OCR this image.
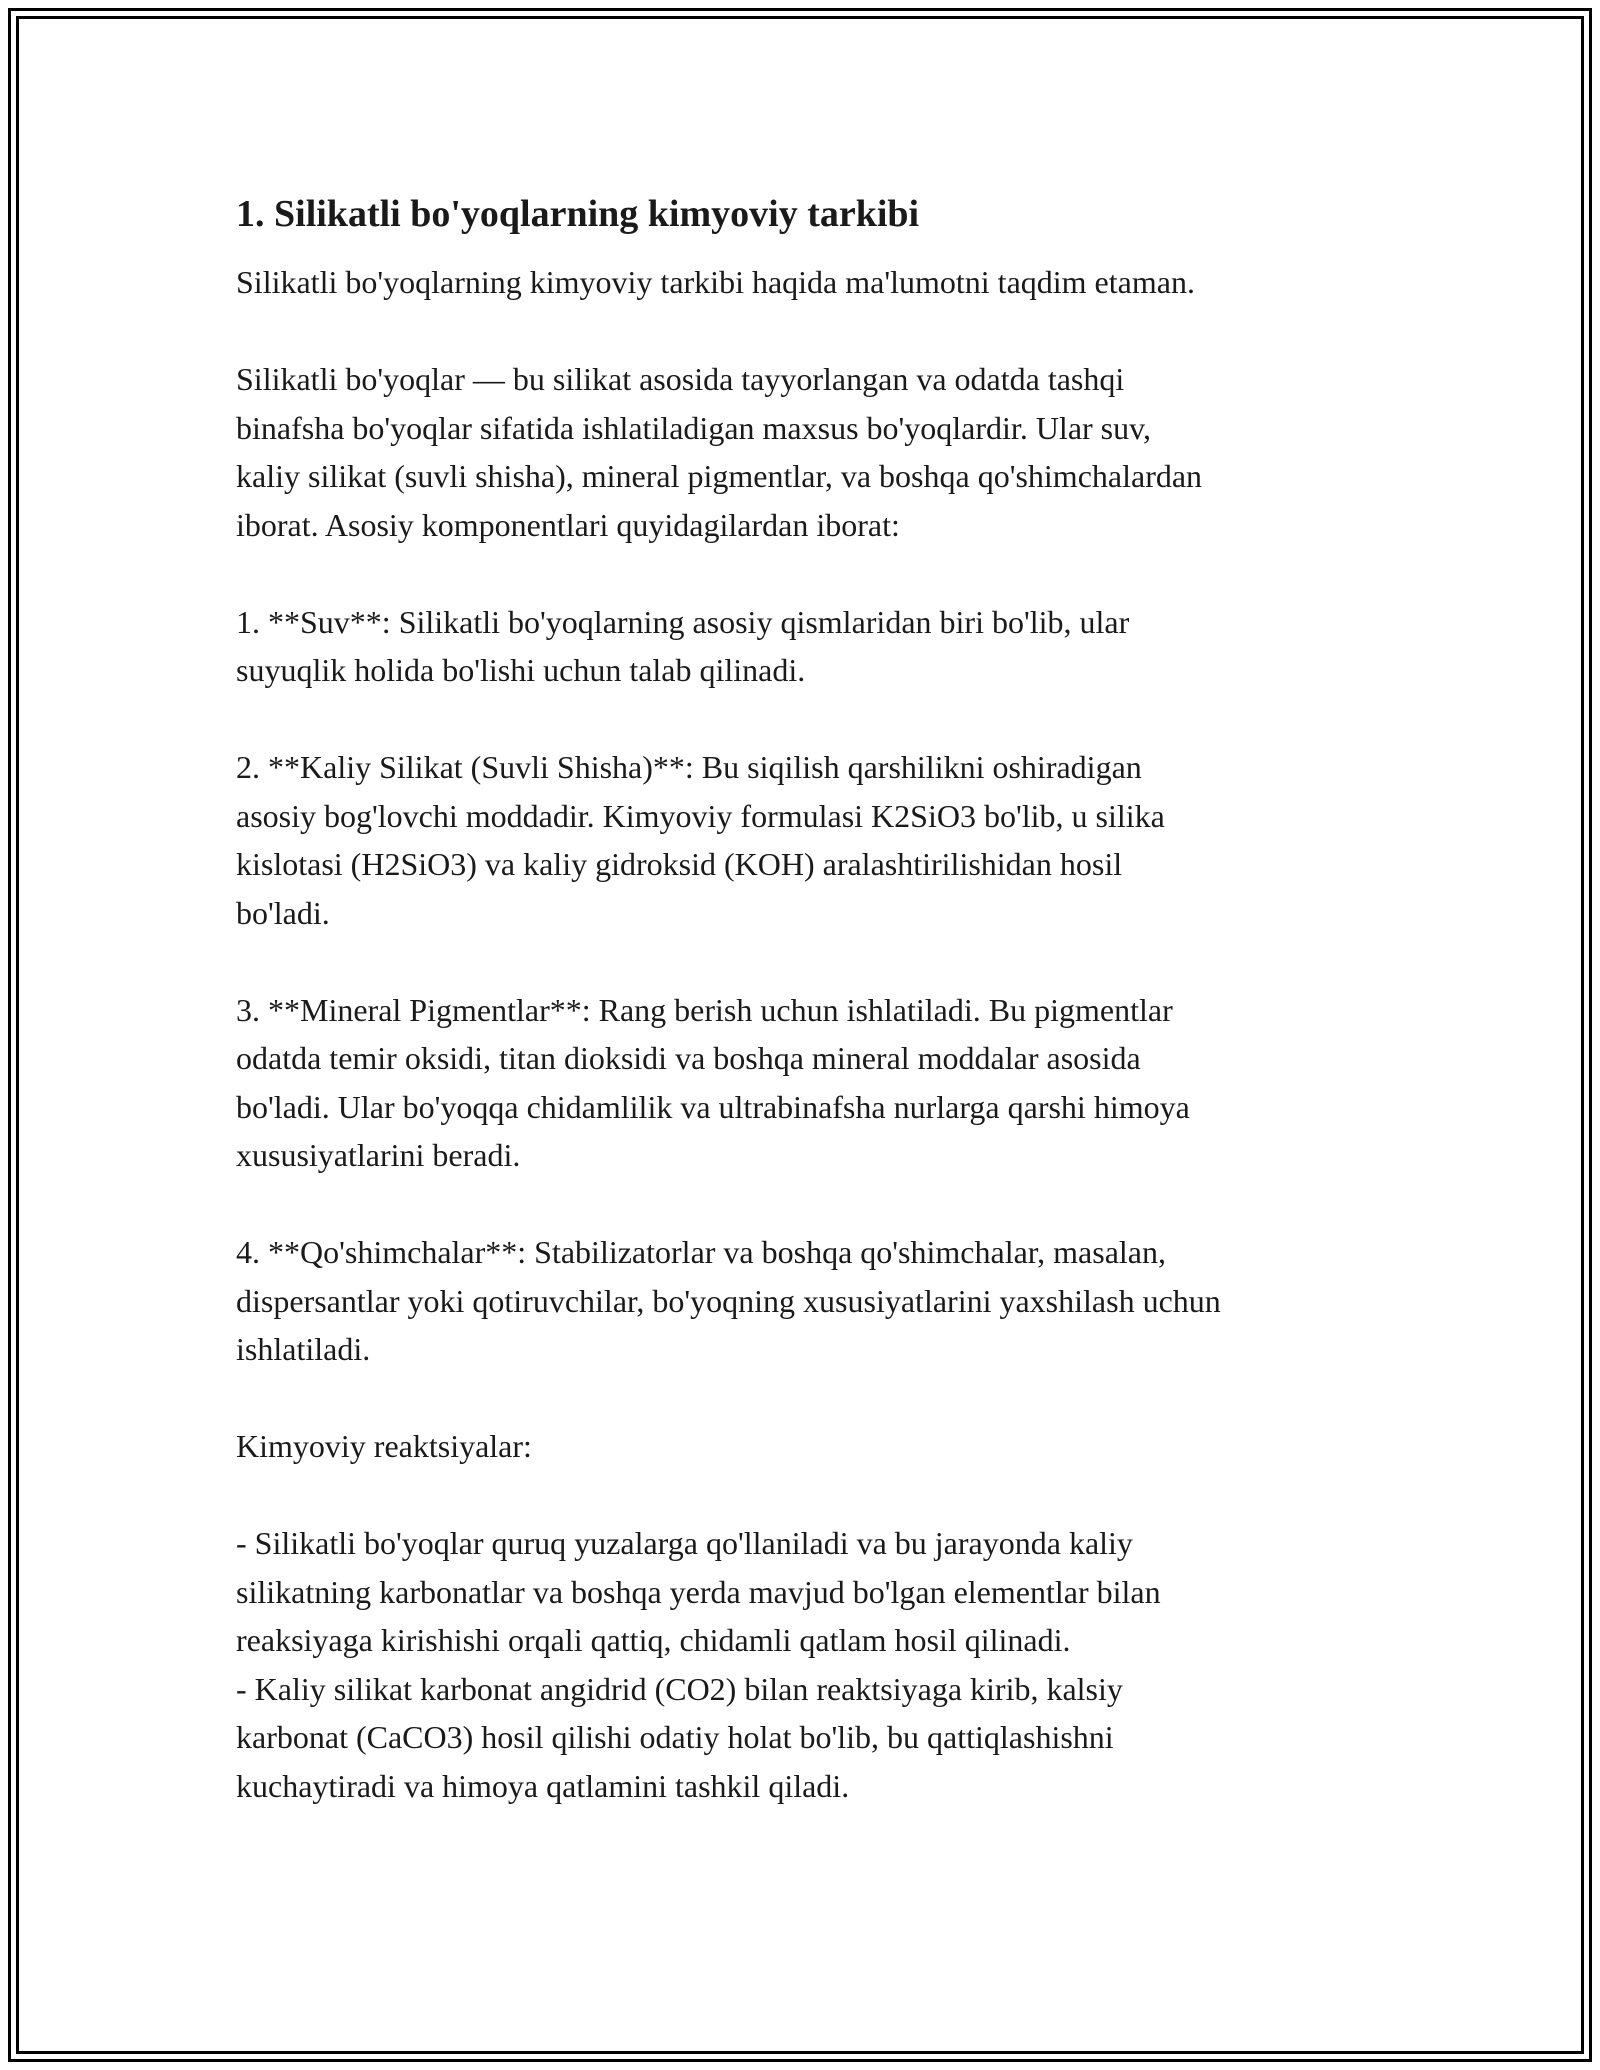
1. Silikatli bo'yoqlarning kimyoviy tarkibi

Silikatli bo'yoqlarning kimyoviy tarkibi haqida ma'lumotni taqdim etaman.

Silikatli bo'yoqlar — bu silikat asosida tayyorlangan va odatda tashqi
binafsha bo'yoqlar sifatida ishlatiladigan maxsus bo'yoqlardir. Ular suv,
kaliy silikat (suvli shisha), mineral pigmentlar, va boshqa qo'shimchalardan
iborat. Asosiy komponentlari quyidagilardan iborat:

1. **Suv**: Silikatli bo'yoqlarning asosiy qismlaridan biri bo'lib, ular
suyuqlik holida bo'lishi uchun talab qilinadi.

2. **Kaliy Silikat (Suvli Shisha)**: Bu siqilish qarshilikni oshiradigan
asosiy bog'lovchi moddadir. Kimyoviy formulasi K2SiO3 bo'lib, u silika
kislotasi (H2SiO3) va kaliy gidroksid (KOH) aralashtirilishidan hosil
bo'ladi.

3. **Mineral Pigmentlar**: Rang berish uchun ishlatiladi. Bu pigmentlar
odatda temir oksidi, titan dioksidi va boshqa mineral moddalar asosida
bo'ladi. Ular bo'yoqqa chidamlilik va ultrabinafsha nurlarga qarshi himoya
xususiyatlarini beradi.

4. **Qo'shimchalar**: Stabilizatorlar va boshqa qo'shimchalar, masalan,
dispersantlar yoki qotiruvchilar, bo'yoqning xususiyatlarini yaxshilash uchun
ishlatiladi.

Kimyoviy reaktsiyalar:

- Silikatli bo'yoqlar quruq yuzalarga qo'llaniladi va bu jarayonda kaliy
silikatning karbonatlar va boshqa yerda mavjud bo'lgan elementlar bilan
reaksiyaga kirishishi orqali qattiq, chidamli qatlam hosil qilinadi.
- Kaliy silikat karbonat angidrid (CO2) bilan reaktsiyaga kirib, kalsiy
karbonat (CaCO3) hosil qilishi odatiy holat bo'lib, bu qattiqlashishni
kuchaytiradi va himoya qatlamini tashkil qiladi.
